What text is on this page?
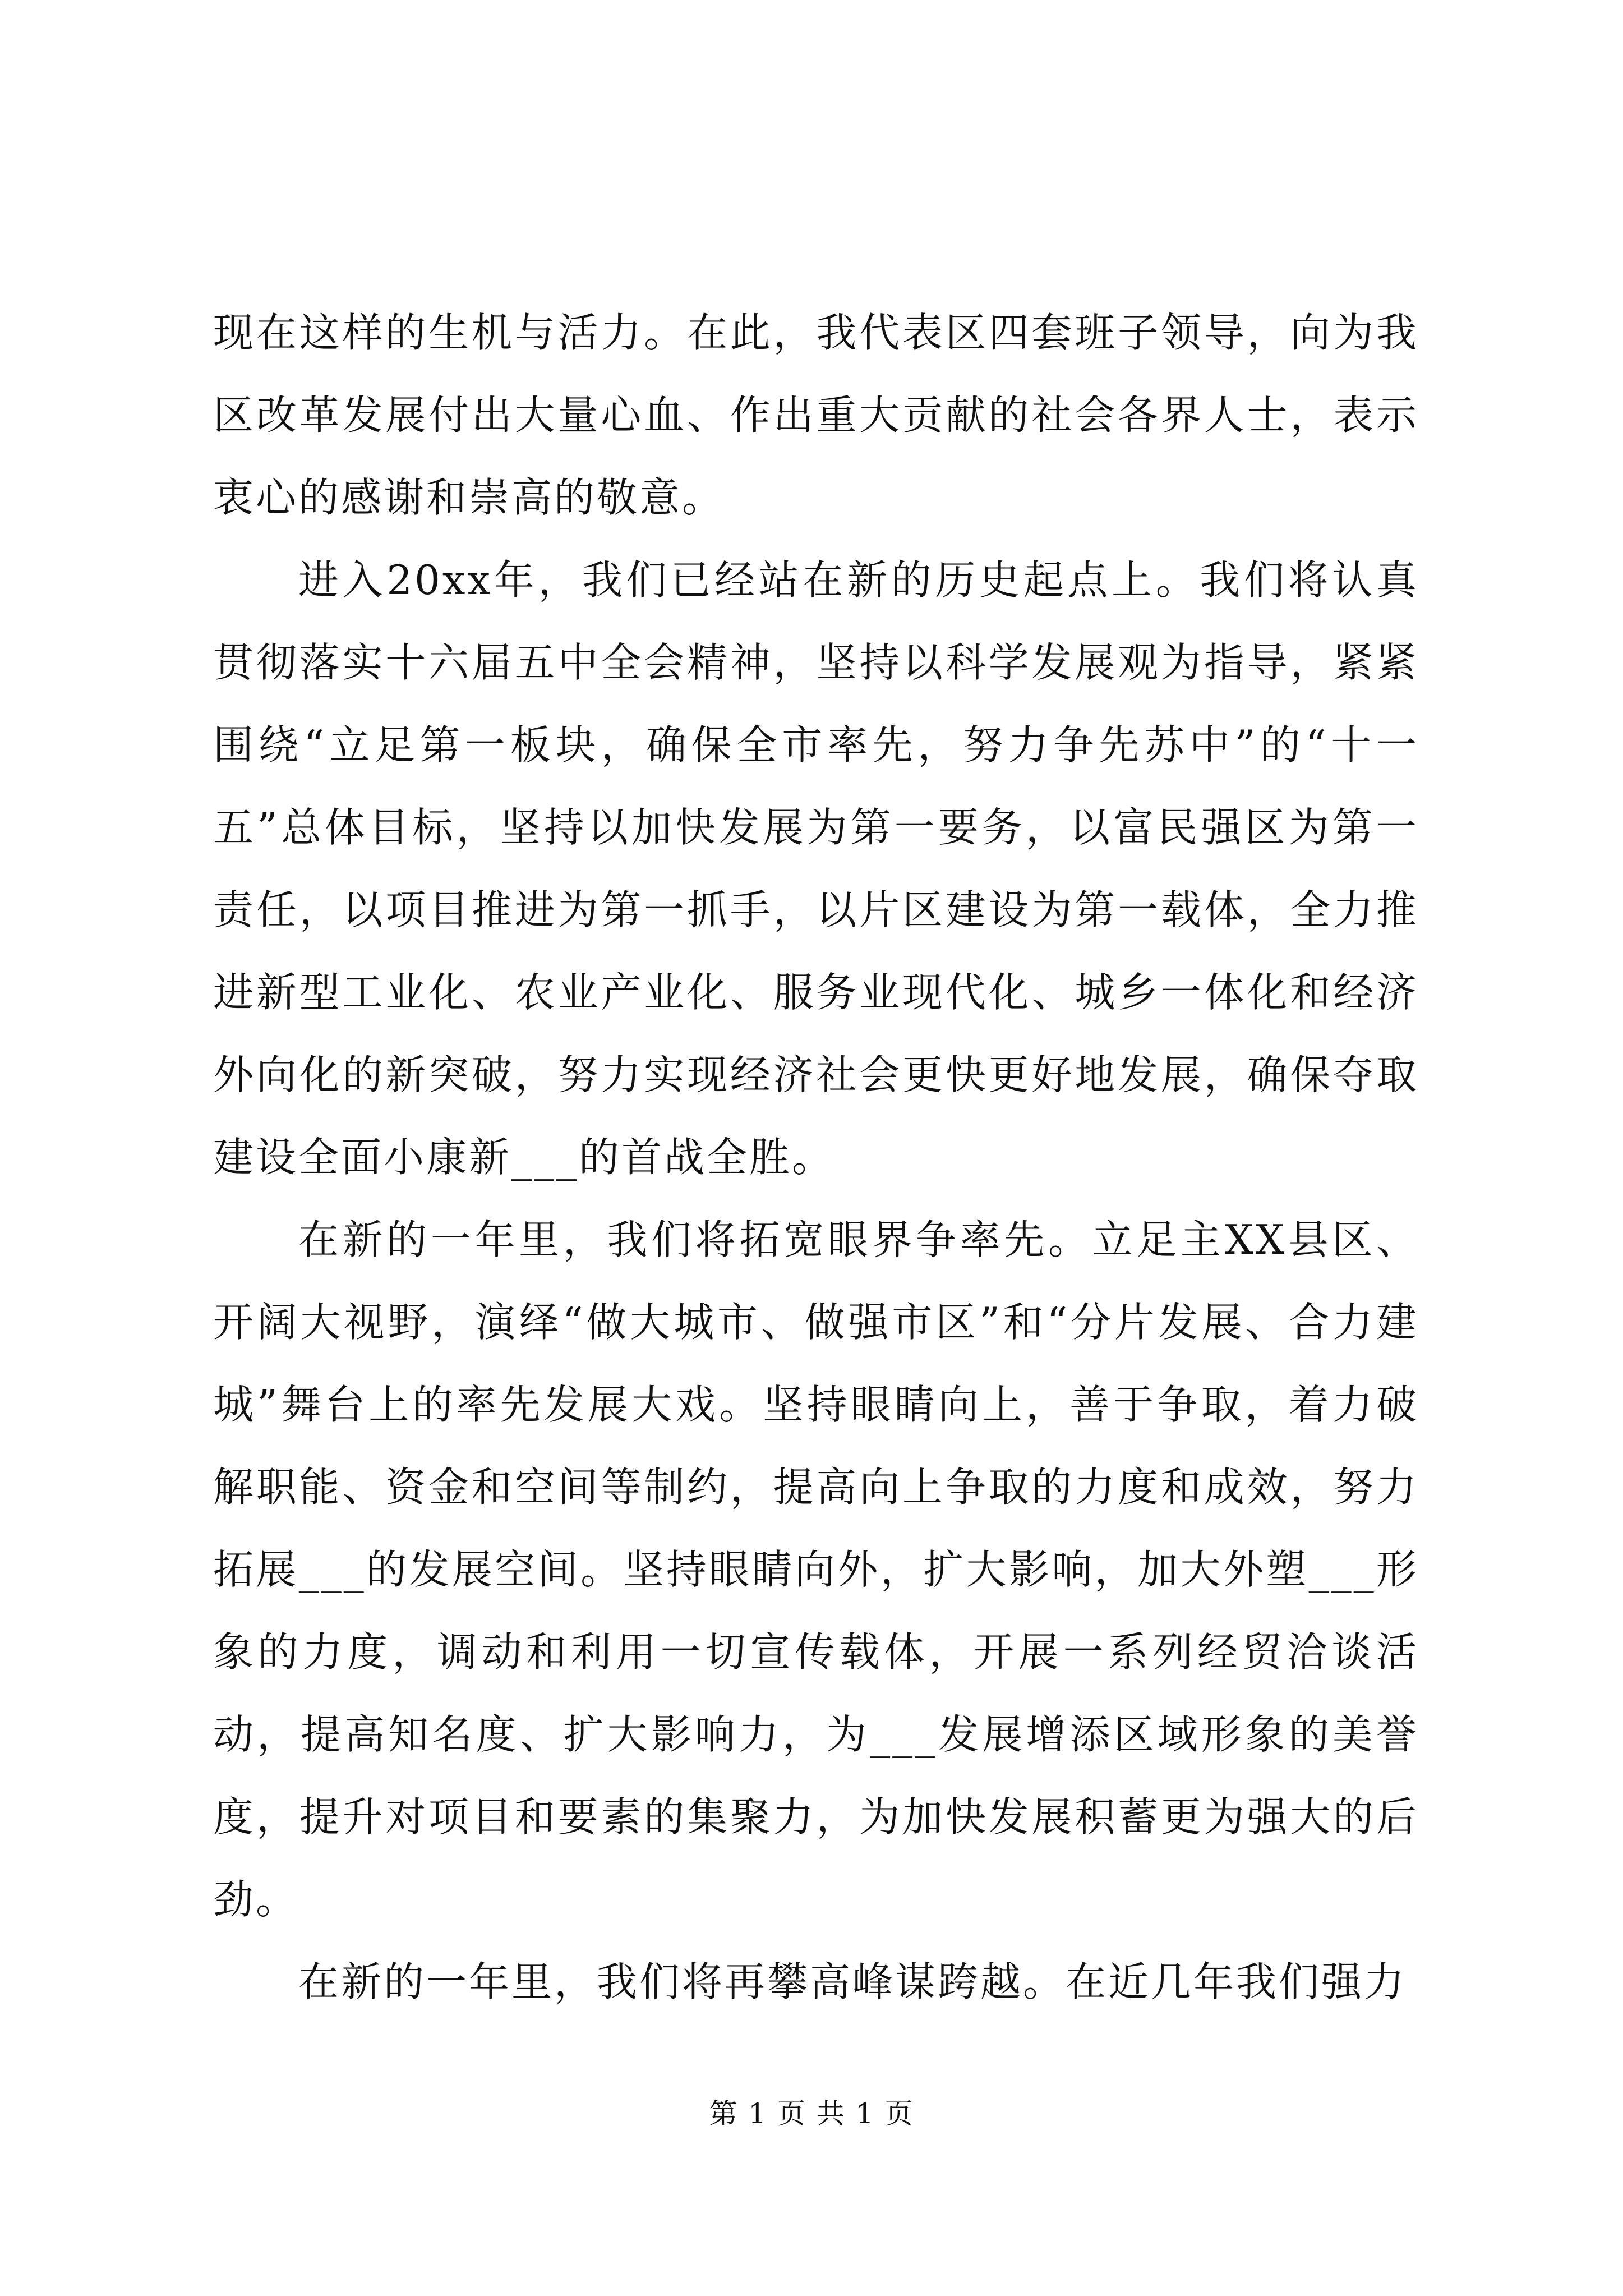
现在这样的生机与活力。在此，我代表区四套班子领导，向为我区改革发展付出大量心血、作出重大贡献的社会各界人士，表示衷心的感谢和崇高的敬意。

进入20xx年，我们已经站在新的历史起点上。我们将认真贯彻落实十六届五中全会精神，坚持以科学发展观为指导，紧紧围绕“立足第一板块，确保全市率先，努力争先苏中”的“十一五”总体目标，坚持以加快发展为第一要务，以富民强区为第一责任，以项目推进为第一抓手，以片区建设为第一载体，全力推进新型工业化、农业产业化、服务业现代化、城乡一体化和经济外向化的新突破，努力实现经济社会更快更好地发展，确保夺取建设全面小康新___的首战全胜。

在新的一年里，我们将拓宽眼界争率先。立足主XX县区、开阔大视野，演绎“做大城市、做强市区”和“分片发展、合力建城”舞台上的率先发展大戏。坚持眼睛向上，善于争取，着力破解职能、资金和空间等制约，提高向上争取的力度和成效，努力拓展___的发展空间。坚持眼睛向外，扩大影响，加大外塑___形象的力度，调动和利用一切宣传载体，开展一系列经贸洽谈活动，提高知名度、扩大影响力，为___发展增添区域形象的美誉度，提升对项目和要素的集聚力，为加快发展积蓄更为强大的后劲。

在新的一年里，我们将再攀高峰谋跨越。在近几年我们强力

第 1 页 共 1 页
